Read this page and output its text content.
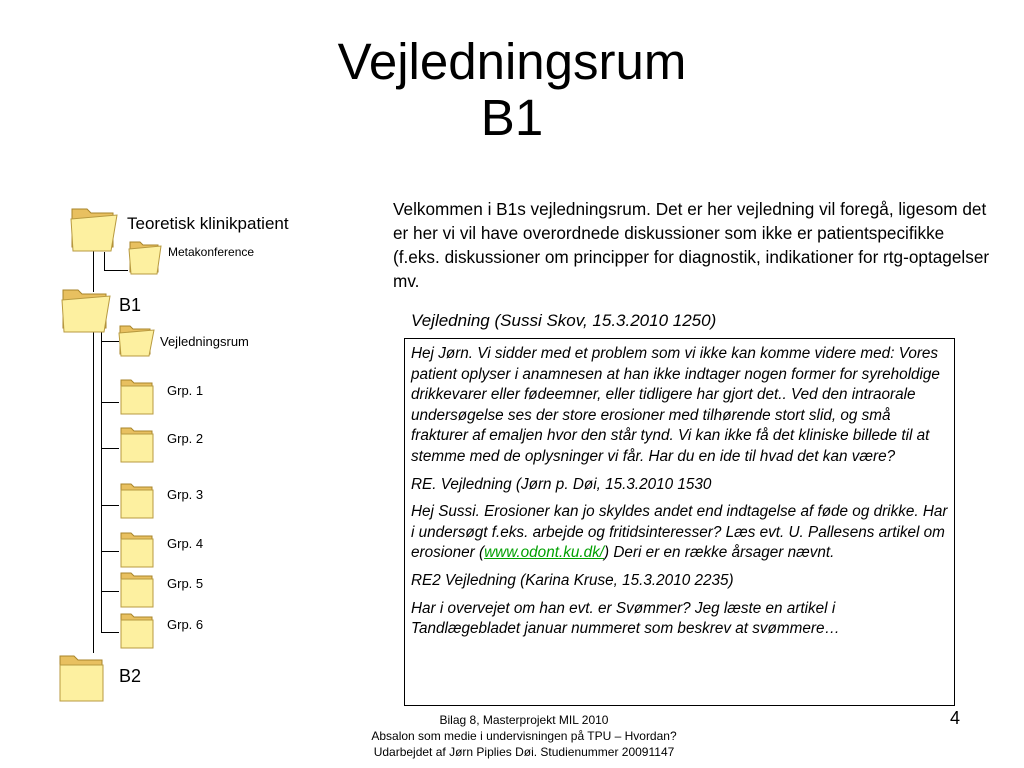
Vejledningsrum
B1
Teoretisk klinikpatient
Metakonference
B1
Vejledningsrum
Grp. 1
Grp. 2
Grp. 3
Grp. 4
Grp. 5
Grp. 6
B2
Velkommen i B1s vejledningsrum. Det er her vejledning vil foregå, ligesom det er her vi vil have overordnede diskussioner som ikke er patientspecifikke (f.eks. diskussioner om principper for diagnostik, indikationer for rtg-optagelser mv.
Vejledning (Sussi Skov, 15.3.2010 1250)

Hej Jørn. Vi sidder med et problem som vi ikke kan komme videre med: Vores patient oplyser i anamnesen at han ikke indtager nogen former for syreholdige drikkevarer eller fødeemner, eller tidligere har gjort det.. Ved den intraorale undersøgelse ses der store erosioner med tilhørende stort slid, og små frakturer af emaljen hvor den står tynd. Vi kan ikke få det kliniske billede til at stemme med de oplysninger vi får. Har du en ide til hvad det kan være?

RE. Vejledning (Jørn p. Døi, 15.3.2010 1530

Hej Sussi. Erosioner kan jo skyldes andet end indtagelse af føde og drikke. Har i undersøgt f.eks. arbejde og fritidsinteresser? Læs evt. U. Pallesens artikel om erosioner (www.odont.ku.dk/) Deri er en række årsager nævnt.

RE2 Vejledning (Karina Kruse, 15.3.2010 2235)

Har i overvejet om han evt. er Svømmer? Jeg læste en artikel i Tandlægebladet januar nummeret som beskrev at svømmere…

4
Bilag 8, Masterprojekt MIL 2010
Absalon som medie i undervisningen på TPU – Hvordan?
Udarbejdet af Jørn Piplies Døi. Studienummer 20091147
